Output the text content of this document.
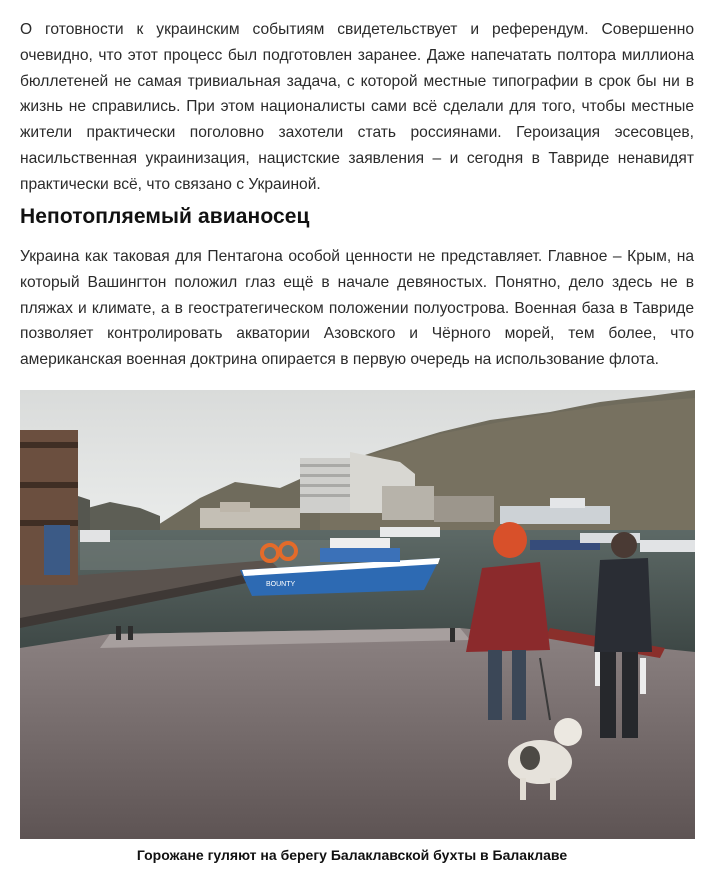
О готовности к украинским событиям свидетельствует и референдум. Совершенно очевидно, что этот процесс был подготовлен заранее. Даже напечатать полтора миллиона бюллетеней не самая тривиальная задача, с которой местные типографии в срок бы ни в жизнь не справились. При этом националисты сами всё сделали для того, чтобы местные жители практически поголовно захотели стать россиянами. Героизация эсесовцев, насильственная украинизация, нацистские заявления – и сегодня в Тавриде ненавидят практически всё, что связано с Украиной.

Непотопляемый авианосец

Украина как таковая для Пентагона особой ценности не представляет. Главное – Крым, на который Вашингтон положил глаз ещё в начале девяностых. Понятно, дело здесь не в пляжах и климате, а в геостратегическом положении полуострова. Военная база в Тавриде позволяет контролировать акватории Азовского и Чёрного морей, тем более, что американская военная доктрина опирается в первую очередь на использование флота.

BOUNTY
Горожане гуляют на берегу Балаклавской бухты в Балаклаве
